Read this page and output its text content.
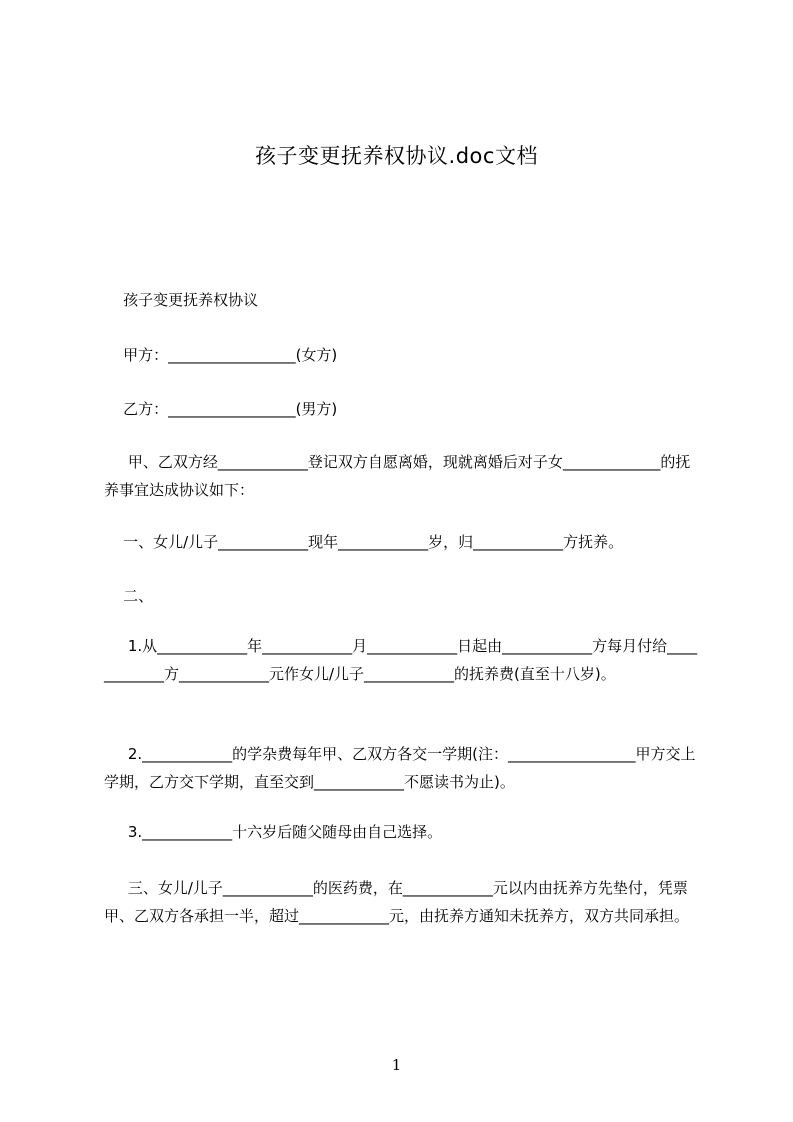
孩子变更抚养权协议.doc文档
孩子变更抚养权协议
甲方：_________________(女方)
乙方：_________________(男方)
甲、乙双方经____________登记双方自愿离婚，现就离婚后对子女_____________的抚养事宜达成协议如下：
一、女儿/儿子____________现年____________岁，归____________方抚养。
二、
1.从____________年____________月____________日起由____________方每月付给____________方____________元作女儿/儿子____________的抚养费(直至十八岁)。
2.____________的学杂费每年甲、乙双方各交一学期(注：_________________甲方交上学期，乙方交下学期，直至交到____________不愿读书为止)。
3.____________十六岁后随父随母由自己选择。
三、女儿/儿子____________的医药费，在____________元以内由抚养方先垫付，凭票甲、乙双方各承担一半，超过____________元，由抚养方通知未抚养方，双方共同承担。
1
